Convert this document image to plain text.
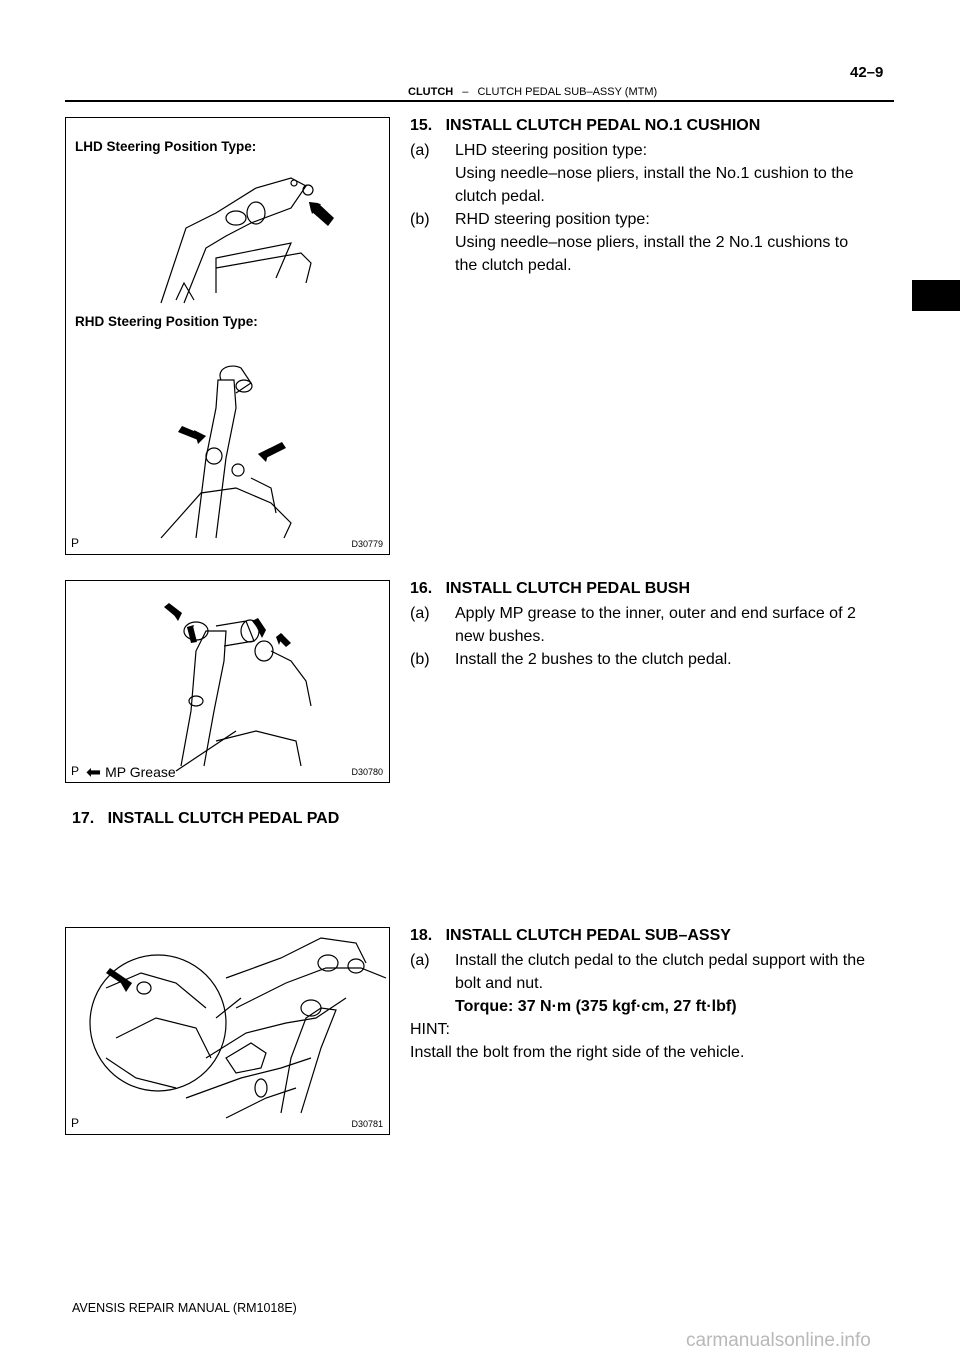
42–9
CLUTCH – CLUTCH PEDAL SUB–ASSY (MTM)
LHD Steering Position Type:
RHD Steering Position Type:
P	D30779
⬅ MP Grease
P	D30780
P	D30781
15.   INSTALL CLUTCH PEDAL NO.1 CUSHION
(a) LHD steering position type:
Using needle–nose pliers, install the No.1 cushion to the
clutch pedal.
(b) RHD steering position type:
Using needle–nose pliers, install the 2 No.1 cushions to
the clutch pedal.
16.   INSTALL CLUTCH PEDAL BUSH
(a) Apply MP grease to the inner, outer and end surface of 2
new bushes.
(b) Install the 2 bushes to the clutch pedal.
17.   INSTALL CLUTCH PEDAL PAD
18.   INSTALL CLUTCH PEDAL SUB–ASSY
(a) Install the clutch pedal to the clutch pedal support with the
bolt and nut.
Torque: 37 N·m (375 kgf·cm, 27 ft·lbf)
HINT:
Install the bolt from the right side of the vehicle.
AVENSIS REPAIR MANUAL (RM1018E)
carmanualsonline.info
